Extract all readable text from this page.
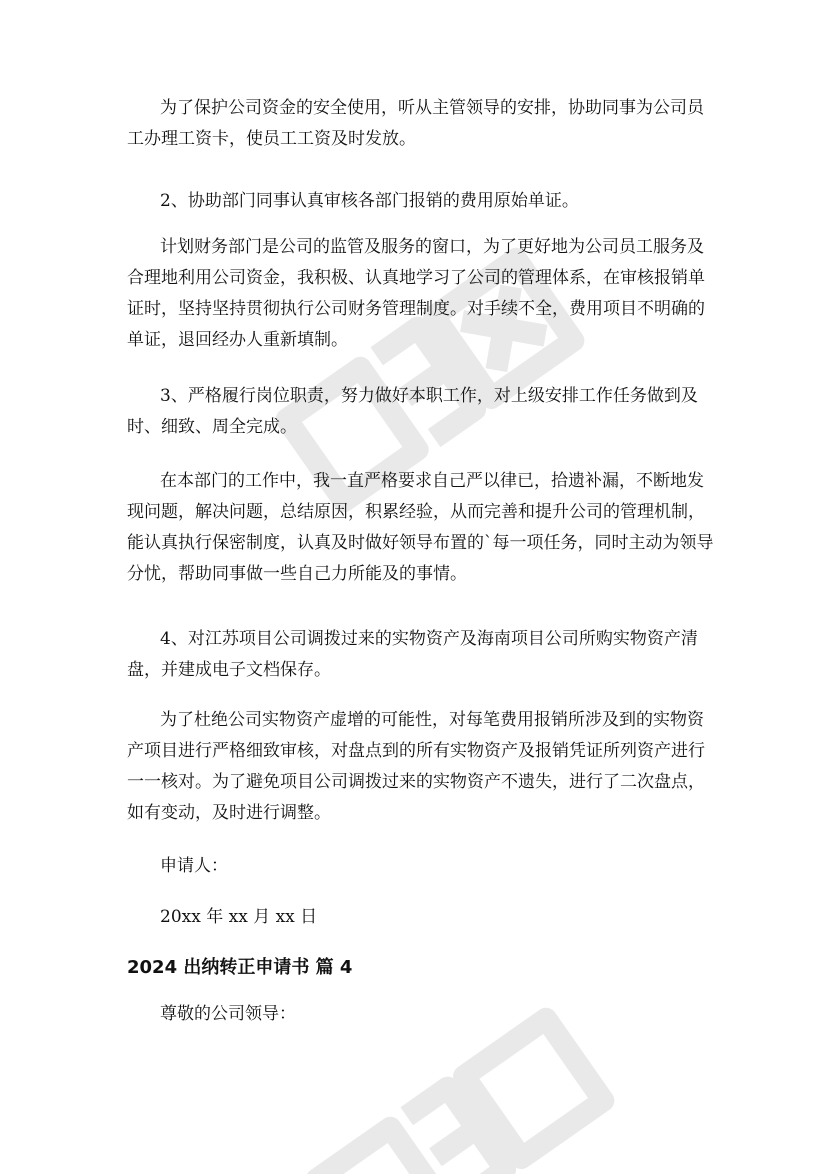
为了保护公司资金的安全使用，听从主管领导的安排，协助同事为公司员
工办理工资卡，使员工工资及时发放。
2、协助部门同事认真审核各部门报销的费用原始单证。
计划财务部门是公司的监管及服务的窗口，为了更好地为公司员工服务及
合理地利用公司资金，我积极、认真地学习了公司的管理体系，在审核报销单
证时，坚持坚持贯彻执行公司财务管理制度。对手续不全，费用项目不明确的
单证，退回经办人重新填制。
3、严格履行岗位职责，努力做好本职工作，对上级安排工作任务做到及
时、细致、周全完成。
在本部门的工作中，我一直严格要求自己严以律已，拾遗补漏，不断地发
现问题，解决问题，总结原因，积累经验，从而完善和提升公司的管理机制，
能认真执行保密制度，认真及时做好领导布置的`每一项任务，同时主动为领导
分忧，帮助同事做一些自己力所能及的事情。
4、对江苏项目公司调拨过来的实物资产及海南项目公司所购实物资产清
盘，并建成电子文档保存。
为了杜绝公司实物资产虚增的可能性，对每笔费用报销所涉及到的实物资
产项目进行严格细致审核，对盘点到的所有实物资产及报销凭证所列资产进行
一一核对。为了避免项目公司调拨过来的实物资产不遗失，进行了二次盘点，
如有变动，及时进行调整。
申请人：
20xx 年 xx 月 xx 日
2024 出纳转正申请书 篇 4
尊敬的公司领导：
